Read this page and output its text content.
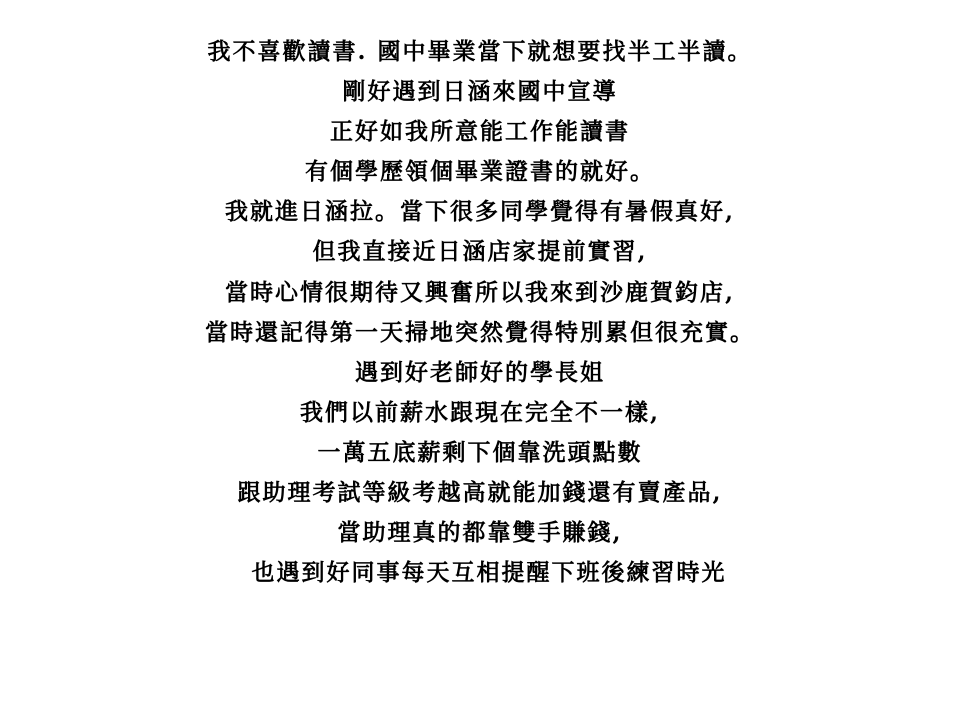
我不喜歡讀書. 國中畢業當下就想要找半工半讀。
剛好遇到日涵來國中宣導
正好如我所意能工作能讀書
有個學歷領個畢業證書的就好。
我就進日涵拉。當下很多同學覺得有暑假真好,
但我直接近日涵店家提前實習,
當時心情很期待又興奮所以我來到沙鹿賀鈞店,
當時還記得第一天掃地突然覺得特別累但很充實。
遇到好老師好的學長姐
我們以前薪水跟現在完全不一樣,
一萬五底薪剩下個靠洗頭點數
跟助理考試等級考越高就能加錢還有賣產品,
當助理真的都靠雙手賺錢,
也遇到好同事每天互相提醒下班後練習時光
